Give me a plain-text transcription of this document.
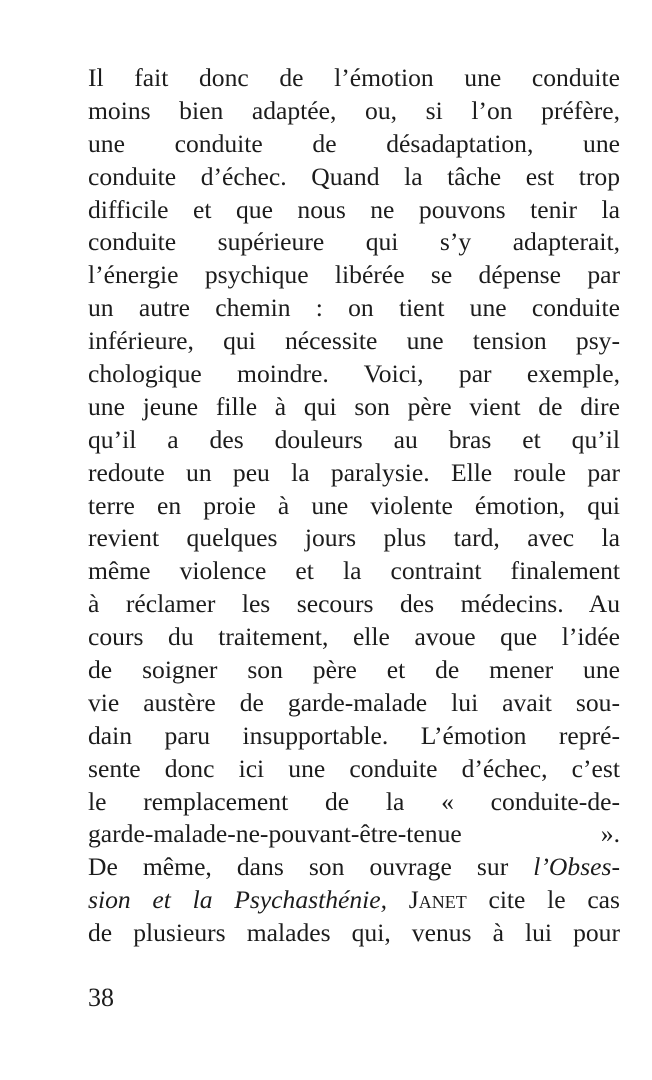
Il fait donc de l’émotion une conduite
moins bien adaptée, ou, si l’on préfère,
une conduite de désadaptation, une
conduite d’échec. Quand la tâche est trop
difficile et que nous ne pouvons tenir la
conduite supérieure qui s’y adapterait,
l’énergie psychique libérée se dépense par
un autre chemin : on tient une conduite
inférieure, qui nécessite une tension psy-
chologique moindre. Voici, par exemple,
une jeune fille à qui son père vient de dire
qu’il a des douleurs au bras et qu’il
redoute un peu la paralysie. Elle roule par
terre en proie à une violente émotion, qui
revient quelques jours plus tard, avec la
même violence et la contraint finalement
à réclamer les secours des médecins. Au
cours du traitement, elle avoue que l’idée
de soigner son père et de mener une
vie austère de garde-malade lui avait sou-
dain paru insupportable. L’émotion repré-
sente donc ici une conduite d’échec, c’est
le remplacement de la « conduite-de-
garde-malade-ne-pouvant-être-tenue ».
De même, dans son ouvrage sur l’Obses-
sion et la Psychasthénie, Janet cite le cas
de plusieurs malades qui, venus à lui pour
38
